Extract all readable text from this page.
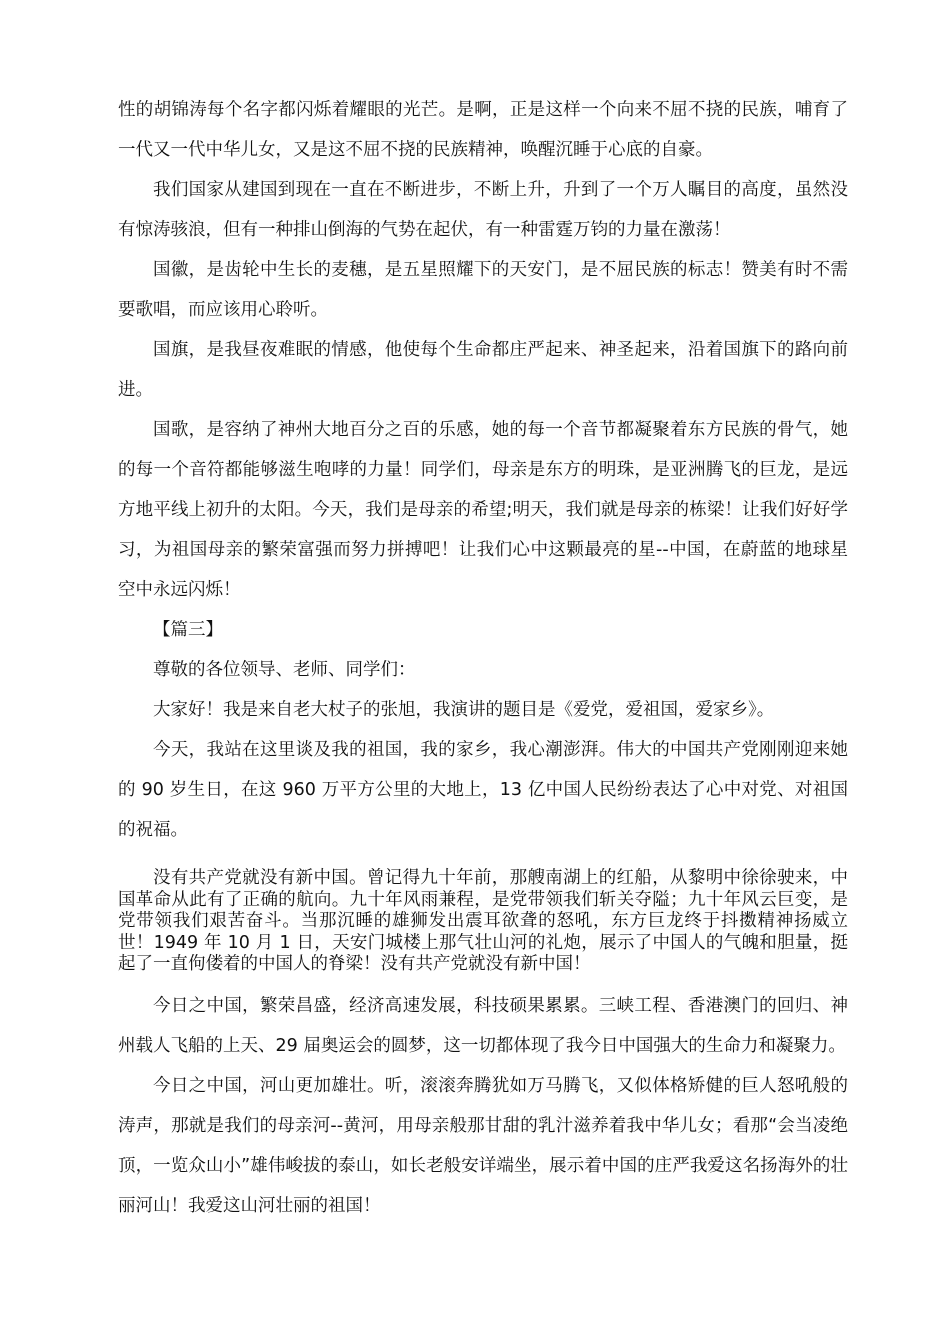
性的胡锦涛每个名字都闪烁着耀眼的光芒。是啊，正是这样一个向来不屈不挠的民族，哺育了一代又一代中华儿女，又是这不屈不挠的民族精神，唤醒沉睡于心底的自豪。

我们国家从建国到现在一直在不断进步，不断上升，升到了一个万人瞩目的高度，虽然没有惊涛骇浪，但有一种排山倒海的气势在起伏，有一种雷霆万钧的力量在激荡！

国徽，是齿轮中生长的麦穗，是五星照耀下的天安门，是不屈民族的标志！赞美有时不需要歌唱，而应该用心聆听。

国旗，是我昼夜难眠的情感，他使每个生命都庄严起来、神圣起来，沿着国旗下的路向前进。

国歌，是容纳了神州大地百分之百的乐感，她的每一个音节都凝聚着东方民族的骨气，她的每一个音符都能够滋生咆哮的力量！同学们，母亲是东方的明珠，是亚洲腾飞的巨龙，是远方地平线上初升的太阳。今天，我们是母亲的希望;明天，我们就是母亲的栋梁！让我们好好学习，为祖国母亲的繁荣富强而努力拼搏吧！让我们心中这颗最亮的星--中国，在蔚蓝的地球星空中永远闪烁！

【篇三】

尊敬的各位领导、老师、同学们：

大家好！我是来自老大杖子的张旭，我演讲的题目是《爱党，爱祖国，爱家乡》。

今天，我站在这里谈及我的祖国，我的家乡，我心潮澎湃。伟大的中国共产党刚刚迎来她的 90 岁生日，在这 960 万平方公里的大地上，13 亿中国人民纷纷表达了心中对党、对祖国的祝福。

没有共产党就没有新中国。曾记得九十年前，那艘南湖上的红船，从黎明中徐徐驶来，中国革命从此有了正确的航向。九十年风雨兼程，是党带领我们斩关夺隘；九十年风云巨变，是党带领我们艰苦奋斗。当那沉睡的雄狮发出震耳欲聋的怒吼，东方巨龙终于抖擞精神扬威立世！1949 年 10 月 1 日，天安门城楼上那气壮山河的礼炮，展示了中国人的气魄和胆量，挺起了一直佝偻着的中国人的脊梁！没有共产党就没有新中国！

今日之中国，繁荣昌盛，经济高速发展，科技硕果累累。三峡工程、香港澳门的回归、神州载人飞船的上天、29 届奥运会的圆梦，这一切都体现了我今日中国强大的生命力和凝聚力。

今日之中国，河山更加雄壮。听，滚滚奔腾犹如万马腾飞，又似体格矫健的巨人怒吼般的涛声，那就是我们的母亲河--黄河，用母亲般那甘甜的乳汁滋养着我中华儿女；看那“会当凌绝顶，一览众山小”雄伟峻拔的泰山，如长老般安详端坐，展示着中国的庄严我爱这名扬海外的壮丽河山！我爱这山河壮丽的祖国！
